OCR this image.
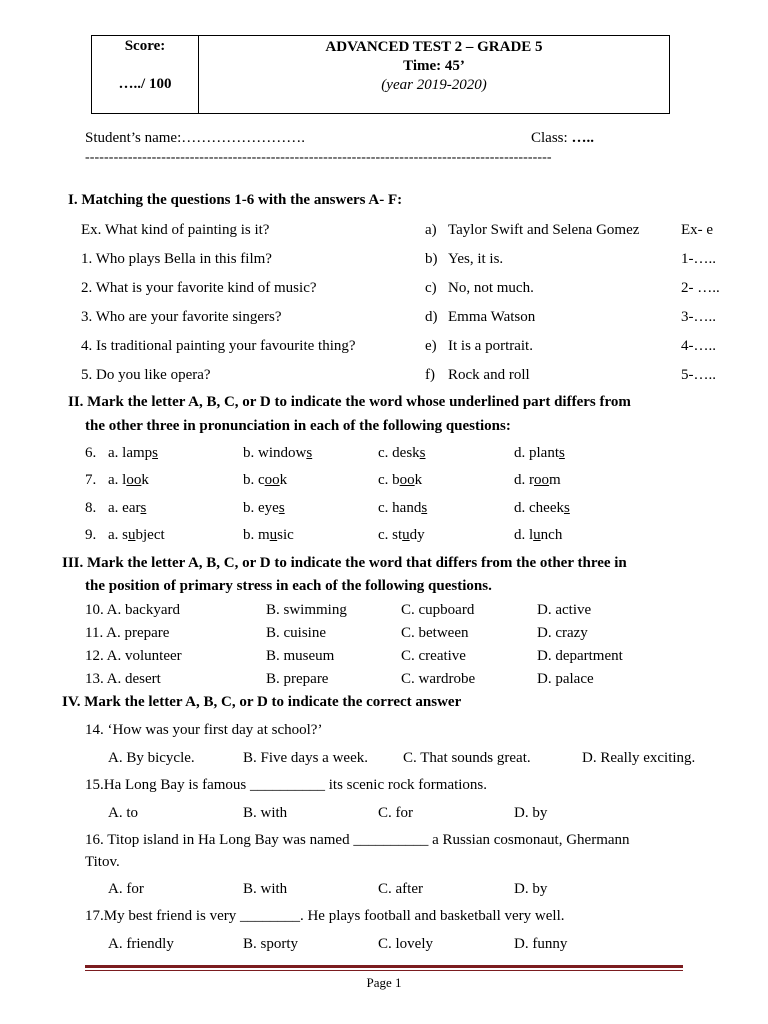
Score:
…../ 100
ADVANCED TEST 2 – GRADE 5
Time: 45’
(year 2019-2020)
Student’s name:…………………….	Class: …..
--------------------------------------------------------------------------------------------------
I. Matching the questions 1-6 with the answers A- F:
Ex. What kind of painting is it?	a) Taylor Swift and Selena Gomez	Ex- e
1. Who plays Bella in this film?	b) Yes, it is.	1-…..
2. What is your favorite kind of music?	c) No, not much.	2- …..
3. Who are your favorite singers?	d) Emma Watson	3-…..
4. Is traditional painting your favourite thing?	e) It is a portrait.	4-…..
5. Do you like opera?	f) Rock and roll	5-…..
II. Mark the letter A, B, C, or D to indicate the word whose underlined part differs from
the other three in pronunciation in each of the following questions:
6. a. lamps	b. windows	c. desks	d. plants
7. a. look	b. cook	c. book	d. room
8. a. ears	b. eyes	c. hands	d. cheeks
9. a. subject	b. music	c. study	d. lunch
III. Mark the letter A, B, C, or D to indicate the word that differs from the other three in
the position of primary stress in each of the following questions.
10. A. backyard	B. swimming	C. cupboard	D. active
11. A. prepare	B. cuisine	C. between	D. crazy
12. A. volunteer	B. museum	C. creative	D. department
13. A. desert	B. prepare	C. wardrobe	D. palace
IV. Mark the letter A, B, C, or D to indicate the correct answer
14. ‘How was your first day at school?’
A. By bicycle.	B. Five days a week. C. That sounds great.	D. Really exciting.
15.Ha Long Bay is famous __________ its scenic rock formations.
A. to	B. with	C. for	D. by
16. Titop island in Ha Long Bay was named __________ a Russian cosmonaut, Ghermann
Titov.
A. for	B. with	C. after	D. by
17.My best friend is very ________. He plays football and basketball very well.
A. friendly	B. sporty	C. lovely	D. funny
Page 1
